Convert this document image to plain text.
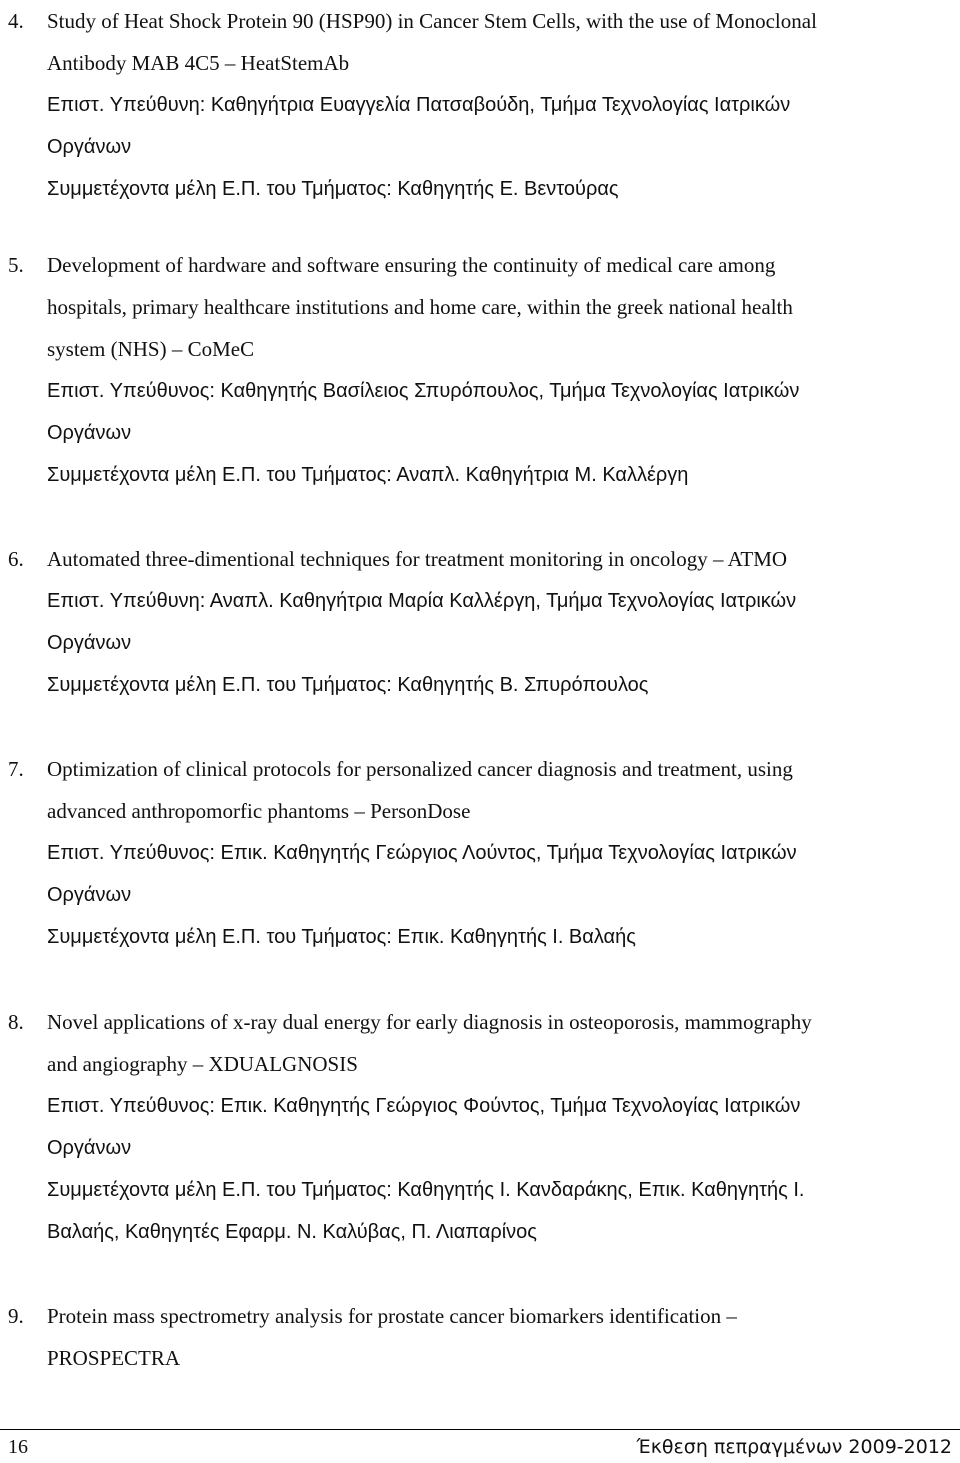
4. Study of Heat Shock Protein 90 (HSP90) in Cancer Stem Cells, with the use of Monoclonal
Antibody MAB 4C5 – HeatStemAb
Επιστ. Υπεύθυνη: Καθηγήτρια Ευαγγελία Πατσαβούδη, Τμήμα Τεχνολογίας Ιατρικών
Οργάνων
Συμμετέχοντα μέλη Ε.Π. του Τμήματος: Καθηγητής Ε. Βεντούρας
5. Development of hardware and software ensuring the continuity of medical care among
hospitals, primary healthcare institutions and home care, within the greek national health
system (NHS) – CoMeC
Επιστ. Υπεύθυνος: Καθηγητής Βασίλειος Σπυρόπουλος, Τμήμα Τεχνολογίας Ιατρικών
Οργάνων
Συμμετέχοντα μέλη Ε.Π. του Τμήματος: Αναπλ. Καθηγήτρια Μ. Καλλέργη
6. Automated three-dimentional techniques for treatment monitoring in oncology – ATMO
Επιστ. Υπεύθυνη: Αναπλ. Καθηγήτρια Μαρία Καλλέργη, Τμήμα Τεχνολογίας Ιατρικών
Οργάνων
Συμμετέχοντα μέλη Ε.Π. του Τμήματος: Καθηγητής Β. Σπυρόπουλος
7. Optimization of clinical protocols for personalized cancer diagnosis and treatment, using
advanced anthropomorfic phantoms – PersonDose
Επιστ. Υπεύθυνος: Επικ. Καθηγητής Γεώργιος Λούντος, Τμήμα Τεχνολογίας Ιατρικών
Οργάνων
Συμμετέχοντα μέλη Ε.Π. του Τμήματος: Επικ. Καθηγητής Ι. Βαλαής
8. Novel applications of x-ray dual energy for early diagnosis in osteoporosis, mammography
and angiography – XDUALGNOSIS
Επιστ. Υπεύθυνος: Επικ. Καθηγητής Γεώργιος Φούντος, Τμήμα Τεχνολογίας Ιατρικών
Οργάνων
Συμμετέχοντα μέλη Ε.Π. του Τμήματος: Καθηγητής Ι. Κανδαράκης, Επικ. Καθηγητής Ι.
Βαλαής, Καθηγητές Εφαρμ. Ν. Καλύβας, Π. Λιαπαρίνος
9. Protein mass spectrometry analysis for prostate cancer biomarkers identification –
PROSPECTRA
16	Έκθεση πεπραγμένων 2009-2012
